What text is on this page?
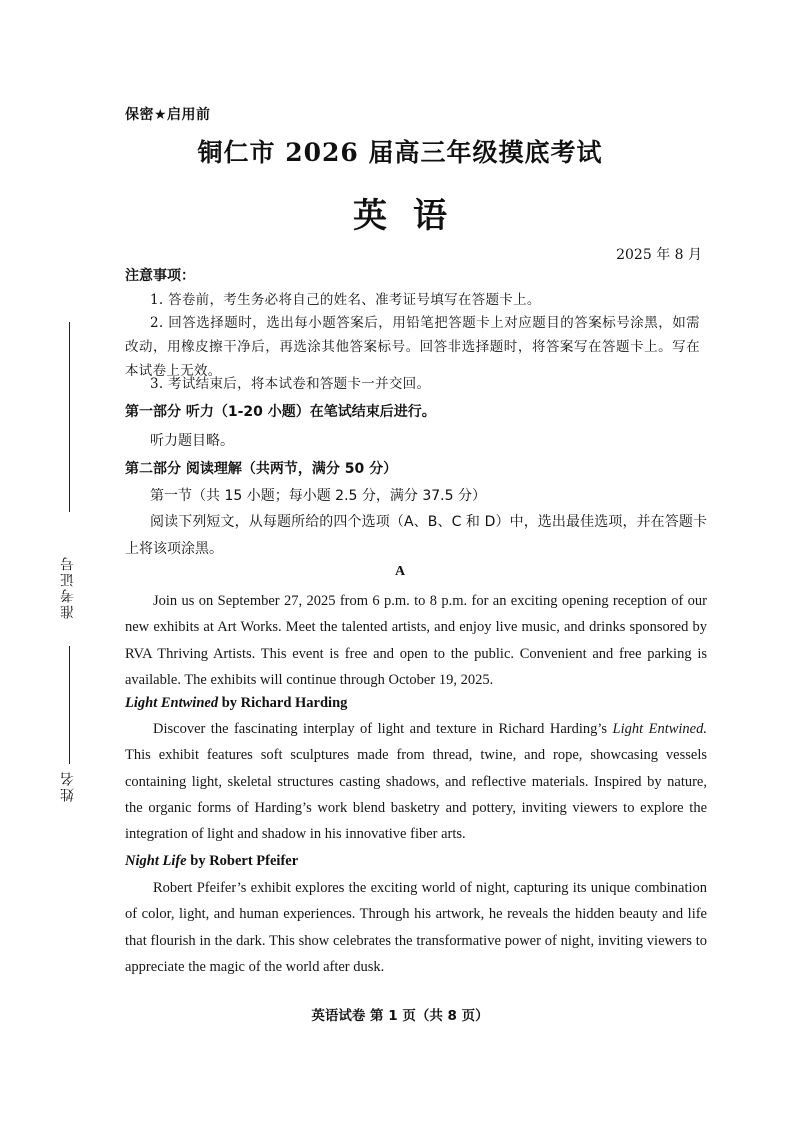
准考证号
姓名
保密★启用前
铜仁市 2026 届高三年级摸底考试
英语
2025 年 8 月
注意事项：
1. 答卷前，考生务必将自己的姓名、准考证号填写在答题卡上。
2. 回答选择题时，选出每小题答案后，用铅笔把答题卡上对应题目的答案标号涂黑，如需改动，用橡皮擦干净后，再选涂其他答案标号。回答非选择题时，将答案写在答题卡上。写在本试卷上无效。
3. 考试结束后，将本试卷和答题卡一并交回。
第一部分 听力（1-20 小题）在笔试结束后进行。
听力题目略。
第二部分 阅读理解（共两节，满分 50 分）
第一节（共 15 小题；每小题 2.5 分，满分 37.5 分）
阅读下列短文，从每题所给的四个选项（A、B、C 和 D）中，选出最佳选项，并在答题卡上将该项涂黑。
A
Join us on September 27, 2025 from 6 p.m. to 8 p.m. for an exciting opening reception of our new exhibits at Art Works. Meet the talented artists, and enjoy live music, and drinks sponsored by RVA Thriving Artists. This event is free and open to the public. Convenient and free parking is available. The exhibits will continue through October 19, 2025.
Light Entwined by Richard Harding
Discover the fascinating interplay of light and texture in Richard Harding’s Light Entwined. This exhibit features soft sculptures made from thread, twine, and rope, showcasing vessels containing light, skeletal structures casting shadows, and reflective materials. Inspired by nature, the organic forms of Harding’s work blend basketry and pottery, inviting viewers to explore the integration of light and shadow in his innovative fiber arts.
Night Life by Robert Pfeifer
Robert Pfeifer’s exhibit explores the exciting world of night, capturing its unique combination of color, light, and human experiences. Through his artwork, he reveals the hidden beauty and life that flourish in the dark. This show celebrates the transformative power of night, inviting viewers to appreciate the magic of the world after dusk.
英语试卷 第 1 页（共 8 页）
